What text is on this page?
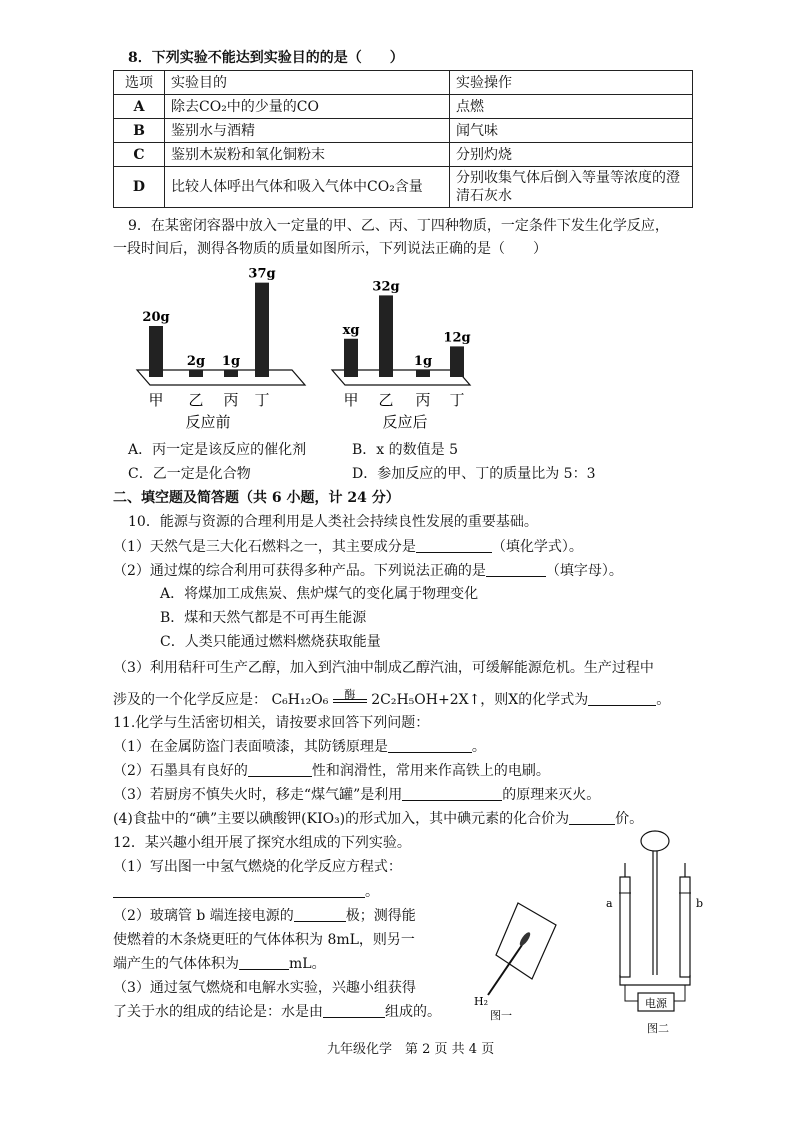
8．下列实验不能达到实验目的的是（　　）
选项	实验目的	实验操作
A	除去CO₂中的少量的CO	点燃
B	鉴别水与酒精	闻气味
C	鉴别木炭粉和氧化铜粉末	分别灼烧
D	比较人体呼出气体和吸入气体中CO₂含量	分别收集气体后倒入等量等浓度的澄清石灰水
9．在某密闭容器中放入一定量的甲、乙、丙、丁四种物质，一定条件下发生化学反应，
一段时间后，测得各物质的质量如图所示，下列说法正确的是（　　）
20g
2g 1g
37g
甲 乙 丙 丁
反应前
xg
32g
1g
12g
甲 乙 丙 丁
反应后
A．丙一定是该反应的催化剂	B．x 的数值是 5
C．乙一定是化合物	D．参加反应的甲、丁的质量比为 5：3
二、填空题及简答题（共 6 小题，计 24 分）
10．能源与资源的合理利用是人类社会持续良性发展的重要基础。
（1）天然气是三大化石燃料之一，其主要成分是	（填化学式）。
（2）通过煤的综合利用可获得多种产品。下列说法正确的是	（填字母）。
A．将煤加工成焦炭、焦炉煤气的变化属于物理变化
B．煤和天然气都是不可再生能源
C．人类只能通过燃料燃烧获取能量
（3）利用秸秆可生产乙醇，加入到汽油中制成乙醇汽油，可缓解能源危机。生产过程中
涉及的一个化学反应是： C₆H₁₂O₆	酶	2C₂H₅OH+2X↑，则X的化学式为	。
11.化学与生活密切相关，请按要求回答下列问题：
（1）在金属防盗门表面喷漆，其防锈原理是	。
（2）石墨具有良好的	性和润滑性，常用来作高铁上的电刷。
（3）若厨房不慎失火时，移走“煤气罐”是利用	的原理来灭火。
(4)食盐中的“碘”主要以碘酸钾(KIO₃)的形式加入，其中碘元素的化合价为	价。
12．某兴趣小组开展了探究水组成的下列实验。
（1）写出图一中氢气燃烧的化学反应方程式：
。
（2）玻璃管 b 端连接电源的	极；测得能
使燃着的木条烧更旺的气体体积为 8mL，则另一
端产生的气体体积为	mL。
（3）通过氢气燃烧和电解水实验，兴趣小组获得
了关于水的组成的结论是：水是由	组成的。
H₂
图一
电源
a	b
图二
九年级化学　第 2 页 共 4 页
